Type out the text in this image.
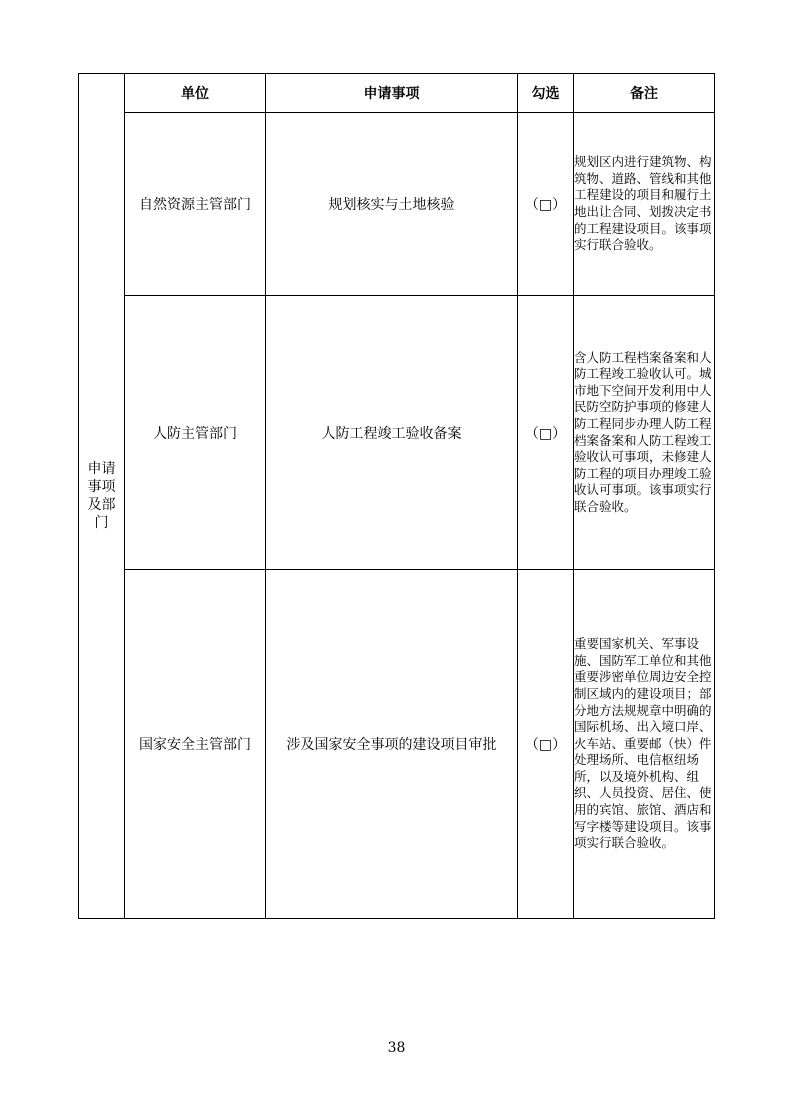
申请
事项
及部
门	单位	申请事项	勾选	备注
	自然资源主管部门	规划核实与土地核验	（□）	规划区内进行建筑物、构筑物、道路、管线和其他工程建设的项目和履行土地出让合同、划拨决定书的工程建设项目。该事项实行联合验收。
	人防主管部门	人防工程竣工验收备案	（□）	含人防工程档案备案和人防工程竣工验收认可。城市地下空间开发利用中人民防空防护事项的修建人防工程同步办理人防工程档案备案和人防工程竣工验收认可事项，未修建人防工程的项目办理竣工验收认可事项。该事项实行联合验收。
	国家安全主管部门	涉及国家安全事项的建设项目审批	（□）	重要国家机关、军事设施、国防军工单位和其他重要涉密单位周边安全控制区域内的建设项目；部分地方法规规章中明确的国际机场、出入境口岸、火车站、重要邮（快）件处理场所、电信枢纽场所，以及境外机构、组织、人员投资、居住、使用的宾馆、旅馆、酒店和写字楼等建设项目。该事项实行联合验收。
38
